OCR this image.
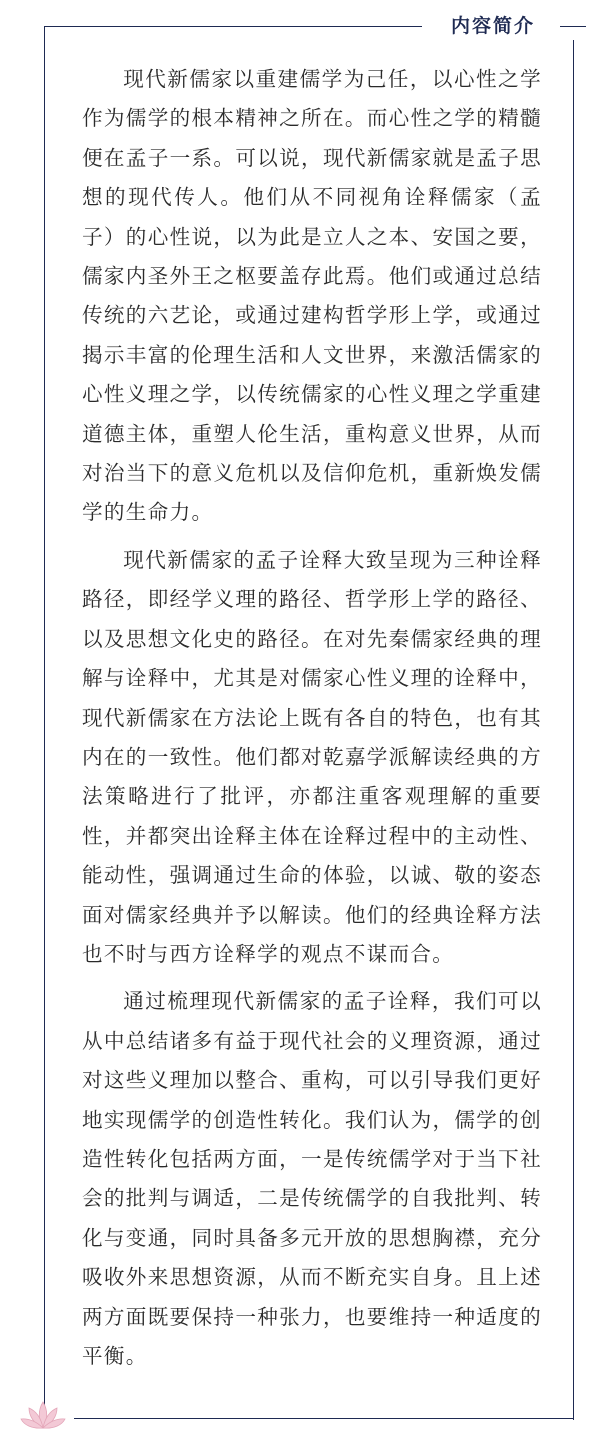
内容简介

现代新儒家以重建儒学为己任，以心性之学作为儒学的根本精神之所在。而心性之学的精髓便在孟子一系。可以说，现代新儒家就是孟子思想的现代传人。他们从不同视角诠释儒家（孟子）的心性说，以为此是立人之本、安国之要，儒家内圣外王之枢要盖存此焉。他们或通过总结传统的六艺论，或通过建构哲学形上学，或通过揭示丰富的伦理生活和人文世界，来激活儒家的心性义理之学，以传统儒家的心性义理之学重建道德主体，重塑人伦生活，重构意义世界，从而对治当下的意义危机以及信仰危机，重新焕发儒学的生命力。

现代新儒家的孟子诠释大致呈现为三种诠释路径，即经学义理的路径、哲学形上学的路径、以及思想文化史的路径。在对先秦儒家经典的理解与诠释中，尤其是对儒家心性义理的诠释中，现代新儒家在方法论上既有各自的特色，也有其内在的一致性。他们都对乾嘉学派解读经典的方法策略进行了批评，亦都注重客观理解的重要性，并都突出诠释主体在诠释过程中的主动性、能动性，强调通过生命的体验，以诚、敬的姿态面对儒家经典并予以解读。他们的经典诠释方法也不时与西方诠释学的观点不谋而合。

通过梳理现代新儒家的孟子诠释，我们可以从中总结诸多有益于现代社会的义理资源，通过对这些义理加以整合、重构，可以引导我们更好地实现儒学的创造性转化。我们认为，儒学的创造性转化包括两方面，一是传统儒学对于当下社会的批判与调适，二是传统儒学的自我批判、转化与变通，同时具备多元开放的思想胸襟，充分吸收外来思想资源，从而不断充实自身。且上述两方面既要保持一种张力，也要维持一种适度的平衡。
